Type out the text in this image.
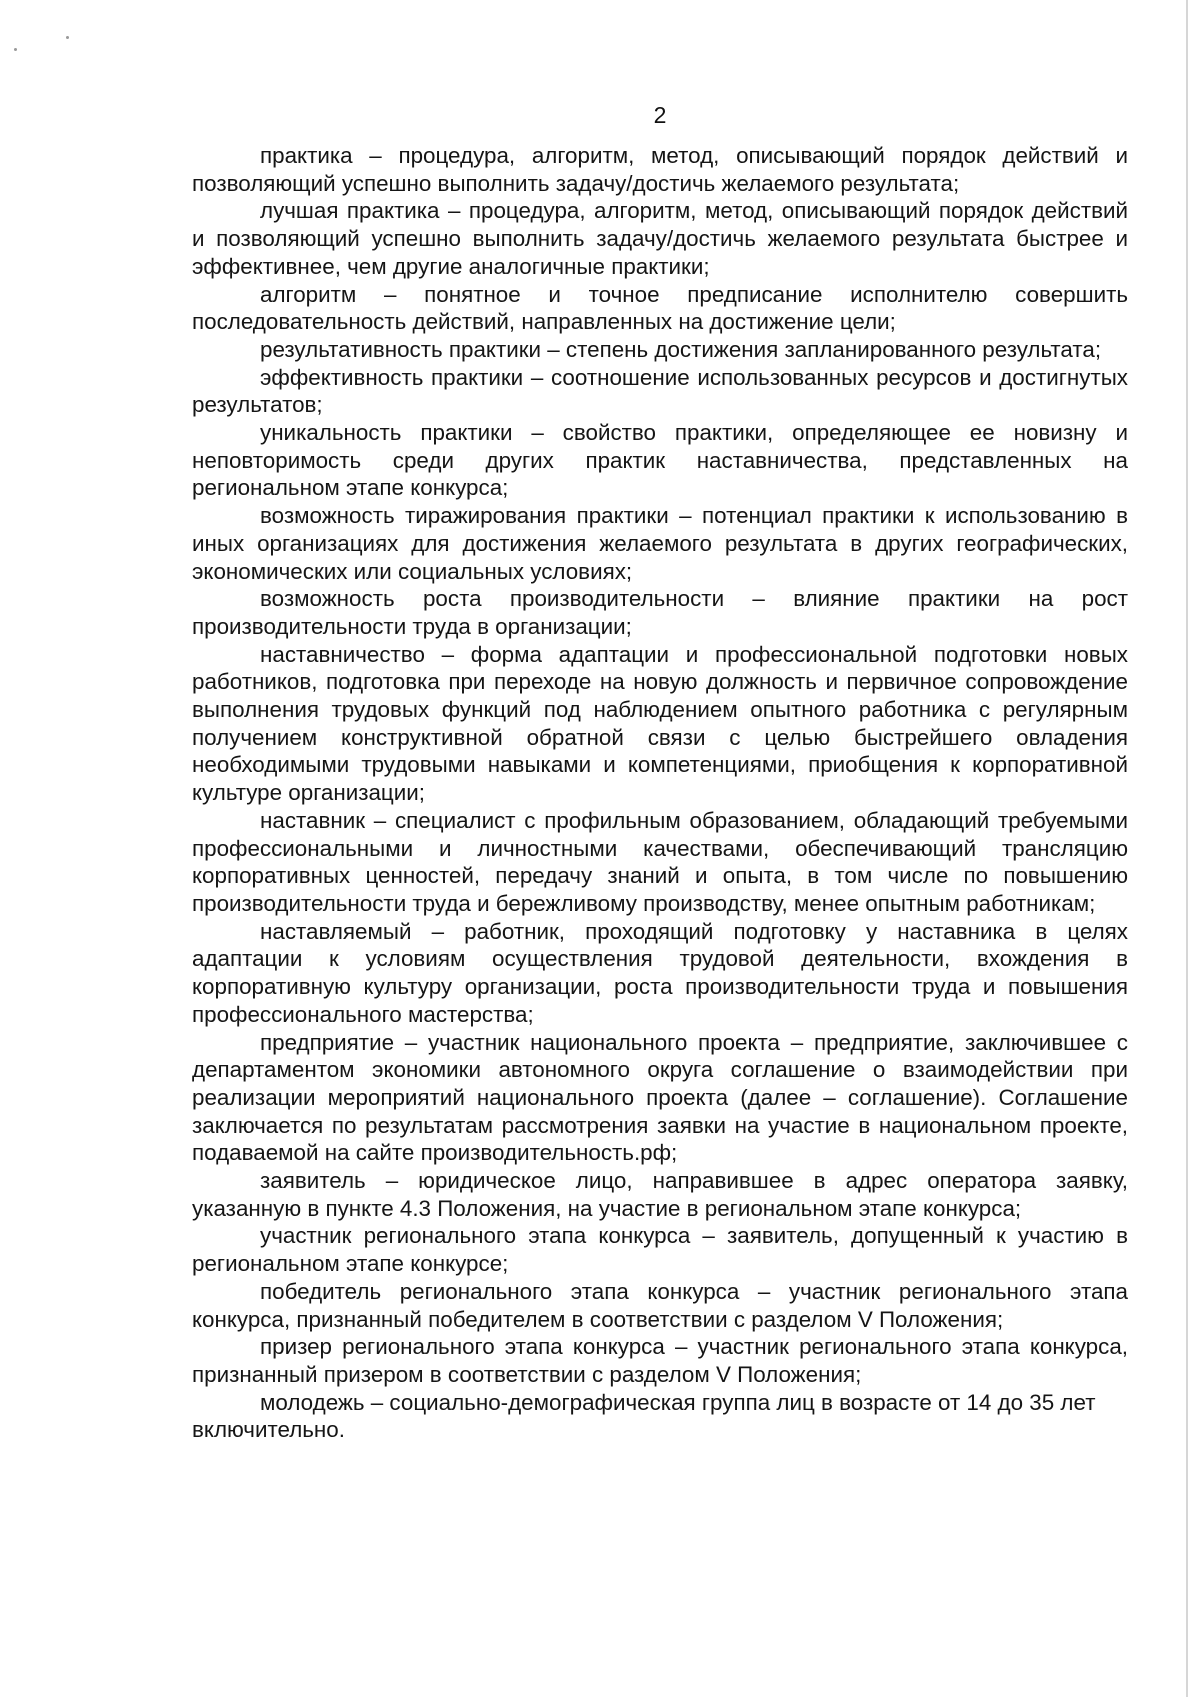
2

практика – процедура, алгоритм, метод, описывающий порядок действий и позволяющий успешно выполнить задачу/достичь желаемого результата;

лучшая практика – процедура, алгоритм, метод, описывающий порядок действий и позволяющий успешно выполнить задачу/достичь желаемого результата быстрее и эффективнее, чем другие аналогичные практики;

алгоритм – понятное и точное предписание исполнителю совершить последовательность действий, направленных на достижение цели;

результативность практики – степень достижения запланированного результата;

эффективность практики – соотношение использованных ресурсов и достигнутых результатов;

уникальность практики – свойство практики, определяющее ее новизну и неповторимость среди других практик наставничества, представленных на региональном этапе конкурса;

возможность тиражирования практики – потенциал практики к использованию в иных организациях для достижения желаемого результата в других географических, экономических или социальных условиях;

возможность роста производительности – влияние практики на рост производительности труда в организации;

наставничество – форма адаптации и профессиональной подготовки новых работников, подготовка при переходе на новую должность и первичное сопровождение выполнения трудовых функций под наблюдением опытного работника с регулярным получением конструктивной обратной связи с целью быстрейшего овладения необходимыми трудовыми навыками и компетенциями, приобщения к корпоративной культуре организации;

наставник – специалист с профильным образованием, обладающий требуемыми профессиональными и личностными качествами, обеспечивающий трансляцию корпоративных ценностей, передачу знаний и опыта, в том числе по повышению производительности труда и бережливому производству, менее опытным работникам;

наставляемый – работник, проходящий подготовку у наставника в целях адаптации к условиям осуществления трудовой деятельности, вхождения в корпоративную культуру организации, роста производительности труда и повышения профессионального мастерства;

предприятие – участник национального проекта – предприятие, заключившее с департаментом экономики автономного округа соглашение о взаимодействии при реализации мероприятий национального проекта (далее – соглашение). Соглашение заключается по результатам рассмотрения заявки на участие в национальном проекте, подаваемой на сайте производительность.рф;

заявитель – юридическое лицо, направившее в адрес оператора заявку, указанную в пункте 4.3 Положения, на участие в региональном этапе конкурса;

участник регионального этапа конкурса – заявитель, допущенный к участию в региональном этапе конкурсе;

победитель регионального этапа конкурса – участник регионального этапа конкурса, признанный победителем в соответствии с разделом V Положения;

призер регионального этапа конкурса – участник регионального этапа конкурса, признанный призером в соответствии с разделом V Положения;

молодежь – социально-демографическая группа лиц в возрасте от 14 до 35 лет включительно.
